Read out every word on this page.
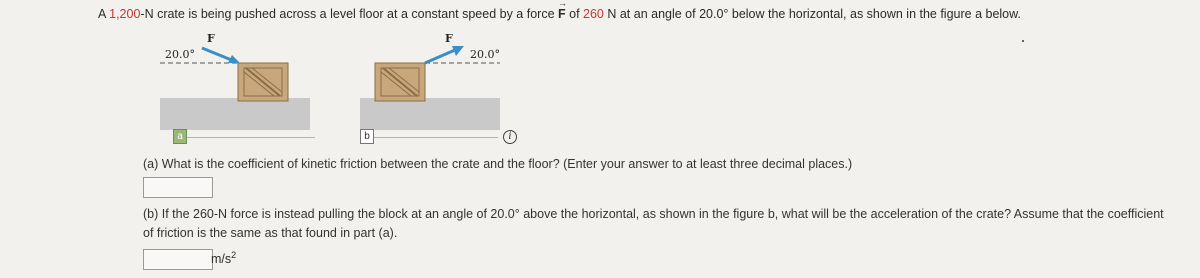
A 1,200-N crate is being pushed across a level floor at a constant speed by a force → F of 260 N at an angle of 20.0° below the horizontal, as shown in the figure a below.
20.0°
F
20.0°
F
a	b	i
(a) What is the coefficient of kinetic friction between the crate and the floor? (Enter your answer to at least three decimal places.)
(b) If the 260-N force is instead pulling the block at an angle of 20.0° above the horizontal, as shown in the figure b, what will be the acceleration of the crate? Assume that the coefficient of friction is the same as that found in part (a).
$m/s^2$
